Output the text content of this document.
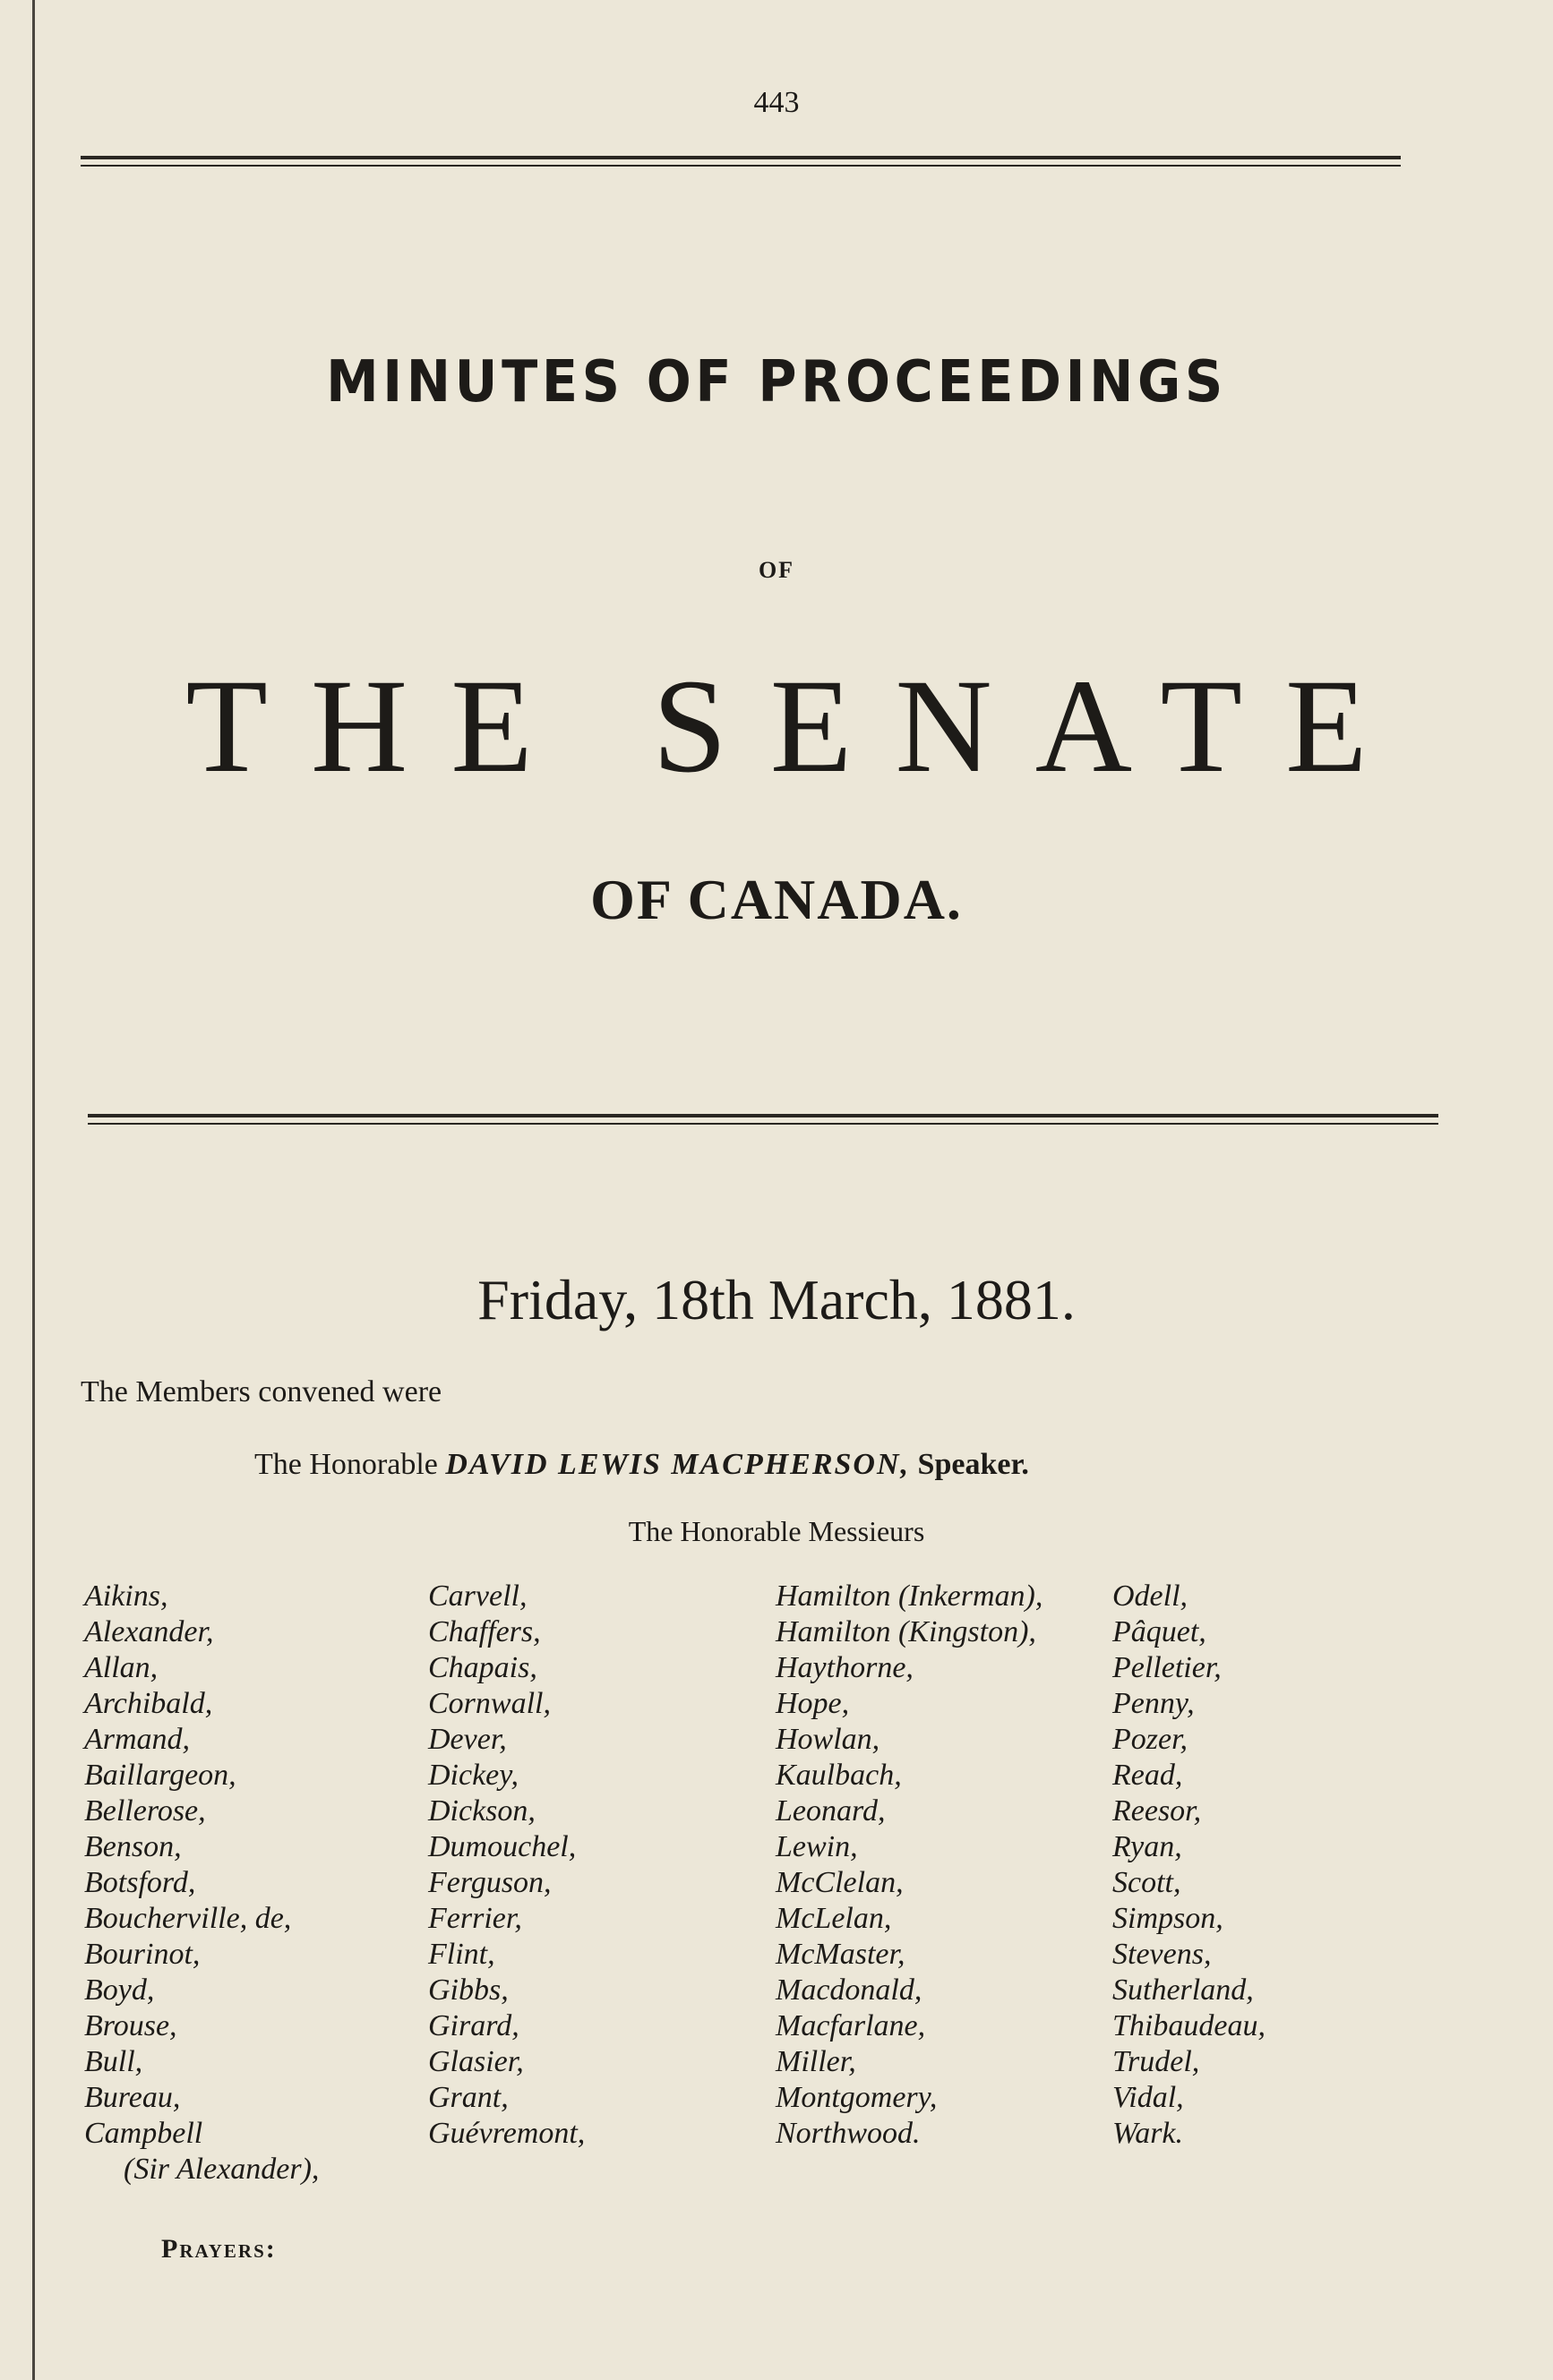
443
MINUTES OF PROCEEDINGS
OF
THE SENATE
OF CANADA.
Friday, 18th March, 1881.
The Members convened were
The Honorable DAVID LEWIS MACPHERSON, Speaker.
The Honorable Messieurs
Aikins,
Alexander,
Allan,
Archibald,
Armand,
Baillargeon,
Bellerose,
Benson,
Botsford,
Boucherville, de,
Bourinot,
Boyd,
Brouse,
Bull,
Bureau,
Campbell
(Sir Alexander),
Carvell,
Chaffers,
Chapais,
Cornwall,
Dever,
Dickey,
Dickson,
Dumouchel,
Ferguson,
Ferrier,
Flint,
Gibbs,
Girard,
Glasier,
Grant,
Guévremont,
Hamilton (Inkerman),
Hamilton (Kingston),
Haythorne,
Hope,
Howlan,
Kaulbach,
Leonard,
Lewin,
McClelan,
McLelan,
McMaster,
Macdonald,
Macfarlane,
Miller,
Montgomery,
Northwood.
Odell,
Pâquet,
Pelletier,
Penny,
Pozer,
Read,
Reesor,
Ryan,
Scott,
Simpson,
Stevens,
Sutherland,
Thibaudeau,
Trudel,
Vidal,
Wark.
Prayers:
